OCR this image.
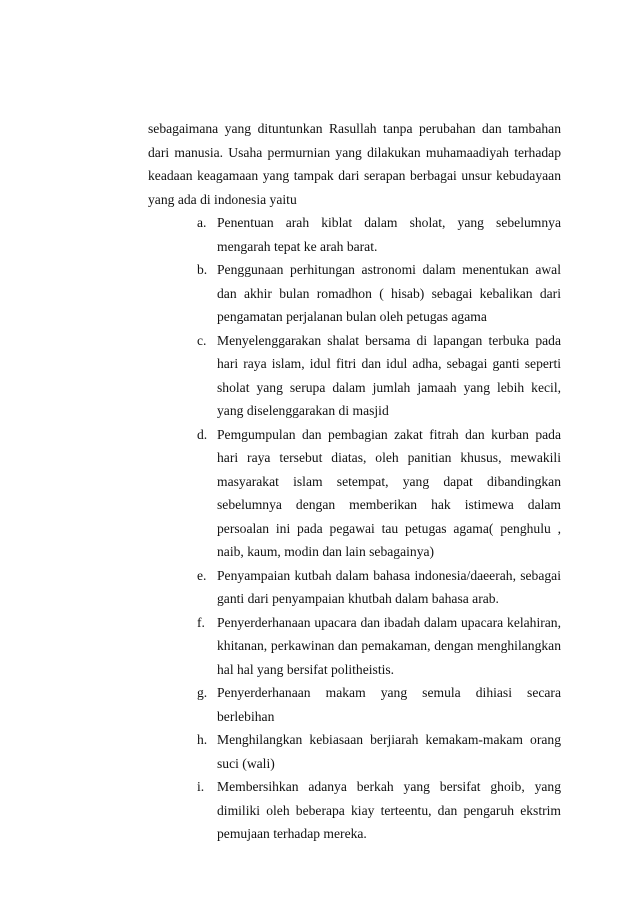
sebagaimana yang dituntunkan Rasullah tanpa perubahan dan tambahan dari manusia. Usaha permurnian yang dilakukan muhamaadiyah terhadap keadaan keagamaan yang tampak dari serapan berbagai unsur kebudayaan yang ada di indonesia yaitu

a. Penentuan arah kiblat dalam sholat, yang sebelumnya mengarah tepat ke arah barat.
b. Penggunaan perhitungan astronomi dalam menentukan awal dan akhir bulan romadhon ( hisab) sebagai kebalikan dari pengamatan perjalanan bulan oleh petugas agama
c. Menyelenggarakan shalat bersama di lapangan terbuka pada hari raya islam, idul fitri dan idul adha, sebagai ganti seperti sholat yang serupa dalam jumlah jamaah yang lebih kecil, yang diselenggarakan di masjid
d. Pemgumpulan dan pembagian zakat fitrah dan kurban pada hari raya tersebut diatas, oleh panitian khusus, mewakili masyarakat islam setempat, yang dapat dibandingkan sebelumnya dengan memberikan hak istimewa dalam persoalan ini pada pegawai tau petugas agama( penghulu , naib, kaum, modin dan lain sebagainya)
e. Penyampaian kutbah dalam bahasa indonesia/daeerah, sebagai ganti dari penyampaian khutbah dalam bahasa arab.
f. Penyerderhanaan upacara dan ibadah dalam upacara kelahiran, khitanan, perkawinan dan pemakaman, dengan menghilangkan hal hal yang bersifat politheistis.
g. Penyerderhanaan makam yang semula dihiasi secara berlebihan
h. Menghilangkan kebiasaan berjiarah kemakam-makam orang suci (wali)
i. Membersihkan adanya berkah yang bersifat ghoib, yang dimiliki oleh beberapa kiay terteentu, dan pengaruh ekstrim pemujaan terhadap mereka.
